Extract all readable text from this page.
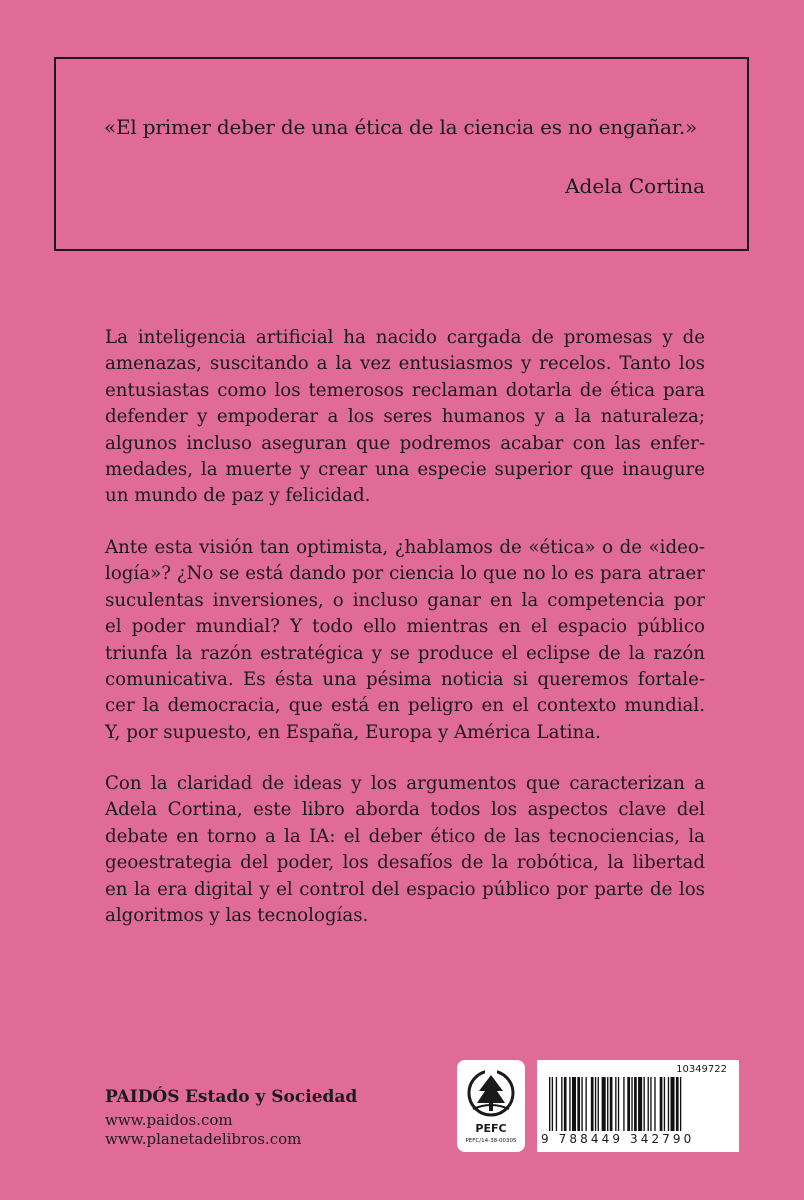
«El primer deber de una ética de la ciencia es no engañar.»
Adela Cortina
La inteligencia artificial ha nacido cargada de promesas y de
amenazas, suscitando a la vez entusiasmos y recelos. Tanto los
entusiastas como los temerosos reclaman dotarla de ética para
defender y empoderar a los seres humanos y a la naturaleza;
algunos incluso aseguran que podremos acabar con las enfer-
medades, la muerte y crear una especie superior que inaugure
un mundo de paz y felicidad.
Ante esta visión tan optimista, ¿hablamos de «ética» o de «ideo-
logía»? ¿No se está dando por ciencia lo que no lo es para atraer
suculentas inversiones, o incluso ganar en la competencia por
el poder mundial? Y todo ello mientras en el espacio público
triunfa la razón estratégica y se produce el eclipse de la razón
comunicativa. Es ésta una pésima noticia si queremos fortale-
cer la democracia, que está en peligro en el contexto mundial.
Y, por supuesto, en España, Europa y América Latina.
Con la claridad de ideas y los argumentos que caracterizan a
Adela Cortina, este libro aborda todos los aspectos clave del
debate en torno a la IA: el deber ético de las tecnociencias, la
geoestrategia del poder, los desafíos de la robótica, la libertad
en la era digital y el control del espacio público por parte de los
algoritmos y las tecnologías.
PAIDÓS Estado y Sociedad
www.paidos.com
www.planetadelibros.com
PEFC
PEFC/14-38-00305
10349722
9 788449 342790
